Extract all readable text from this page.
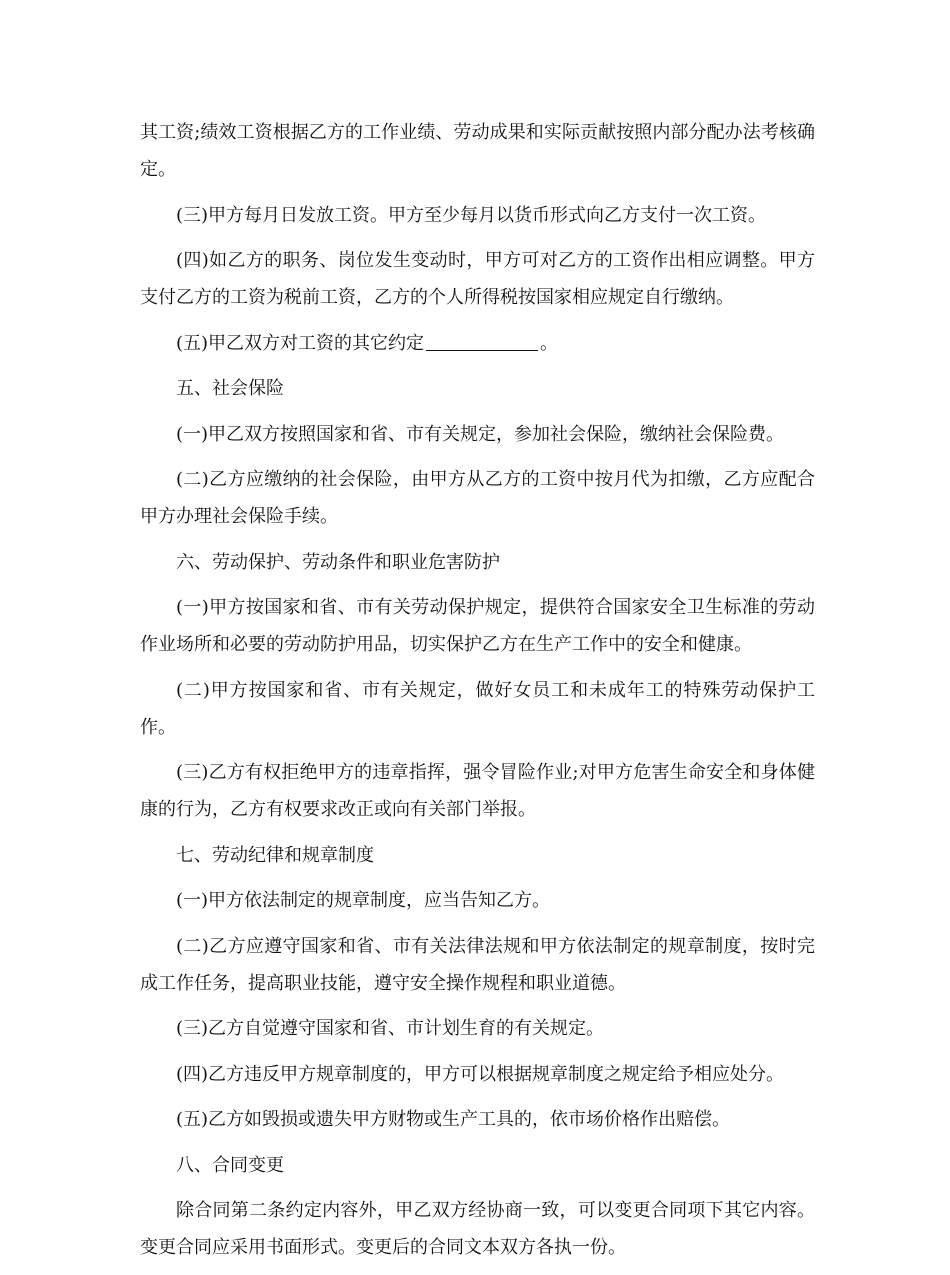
其工资;绩效工资根据乙方的工作业绩、劳动成果和实际贡献按照内部分配办法考核确定。

(三)甲方每月日发放工资。甲方至少每月以货币形式向乙方支付一次工资。

(四)如乙方的职务、岗位发生变动时，甲方可对乙方的工资作出相应调整。甲方支付乙方的工资为税前工资，乙方的个人所得税按国家相应规定自行缴纳。

(五)甲乙双方对工资的其它约定	。

五、社会保险

(一)甲乙双方按照国家和省、市有关规定，参加社会保险，缴纳社会保险费。

(二)乙方应缴纳的社会保险，由甲方从乙方的工资中按月代为扣缴，乙方应配合甲方办理社会保险手续。

六、劳动保护、劳动条件和职业危害防护

(一)甲方按国家和省、市有关劳动保护规定，提供符合国家安全卫生标准的劳动作业场所和必要的劳动防护用品，切实保护乙方在生产工作中的安全和健康。

(二)甲方按国家和省、市有关规定，做好女员工和未成年工的特殊劳动保护工作。

(三)乙方有权拒绝甲方的违章指挥，强令冒险作业;对甲方危害生命安全和身体健康的行为，乙方有权要求改正或向有关部门举报。

七、劳动纪律和规章制度

(一)甲方依法制定的规章制度，应当告知乙方。

(二)乙方应遵守国家和省、市有关法律法规和甲方依法制定的规章制度，按时完成工作任务，提高职业技能，遵守安全操作规程和职业道德。

(三)乙方自觉遵守国家和省、市计划生育的有关规定。

(四)乙方违反甲方规章制度的，甲方可以根据规章制度之规定给予相应处分。

(五)乙方如毁损或遗失甲方财物或生产工具的，依市场价格作出赔偿。

八、合同变更

除合同第二条约定内容外，甲乙双方经协商一致，可以变更合同项下其它内容。变更合同应采用书面形式。变更后的合同文本双方各执一份。
